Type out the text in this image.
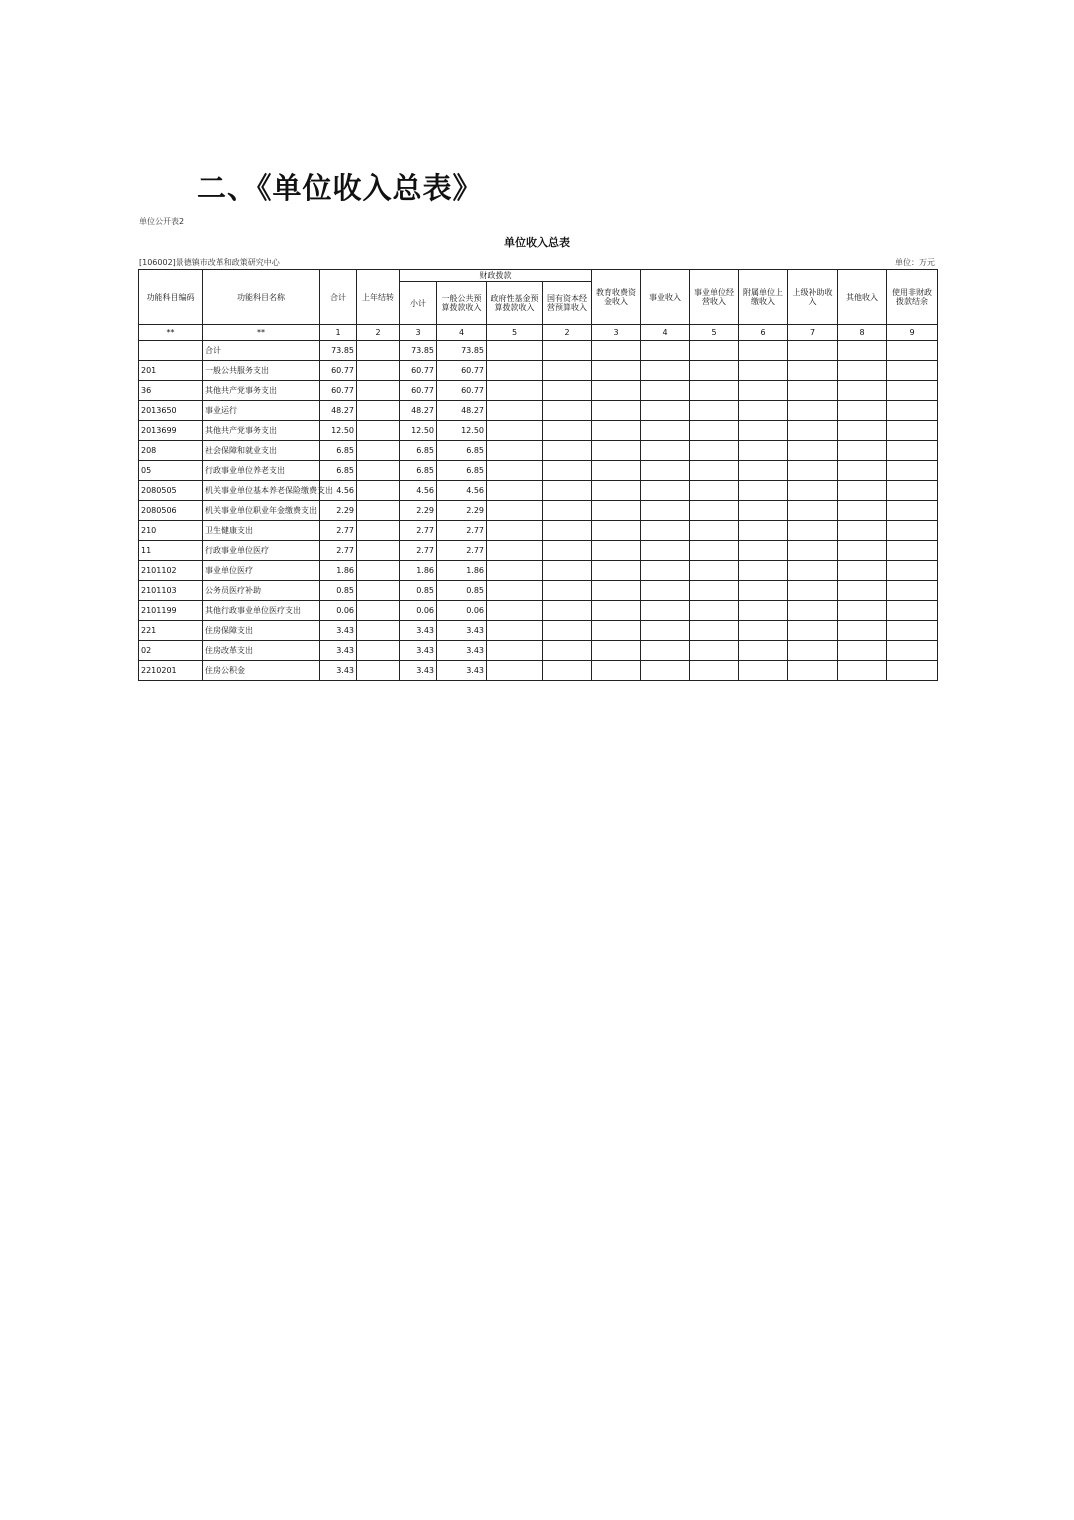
二、《单位收入总表》
单位公开表2
单位收入总表
[106002]景德镇市改革和政策研究中心	单位：万元
功能科目编码	功能科目名称	合计	上年结转	财政拨款				教育收费资金收入	事业收入	事业单位经营收入	附属单位上缴收入	上级补助收入	其他收入	使用非财政拨款结余
				小计	一般公共预算拨款收入	政府性基金预算拨款收入	国有资本经营预算收入							
**	**	1	2	3	4	5	2	3	4	5	6	7	8	9
	合计	73.85		73.85	73.85									
201	一般公共服务支出	60.77		60.77	60.77									
36	其他共产党事务支出	60.77		60.77	60.77									
2013650	事业运行	48.27		48.27	48.27									
2013699	其他共产党事务支出	12.50		12.50	12.50									
208	社会保障和就业支出	6.85		6.85	6.85									
05	行政事业单位养老支出	6.85		6.85	6.85									
2080505	机关事业单位基本养老保险缴费支出	4.56		4.56	4.56									
2080506	机关事业单位职业年金缴费支出	2.29		2.29	2.29									
210	卫生健康支出	2.77		2.77	2.77									
11	行政事业单位医疗	2.77		2.77	2.77									
2101102	事业单位医疗	1.86		1.86	1.86									
2101103	公务员医疗补助	0.85		0.85	0.85									
2101199	其他行政事业单位医疗支出	0.06		0.06	0.06									
221	住房保障支出	3.43		3.43	3.43									
02	住房改革支出	3.43		3.43	3.43									
2210201	住房公积金	3.43		3.43	3.43									
